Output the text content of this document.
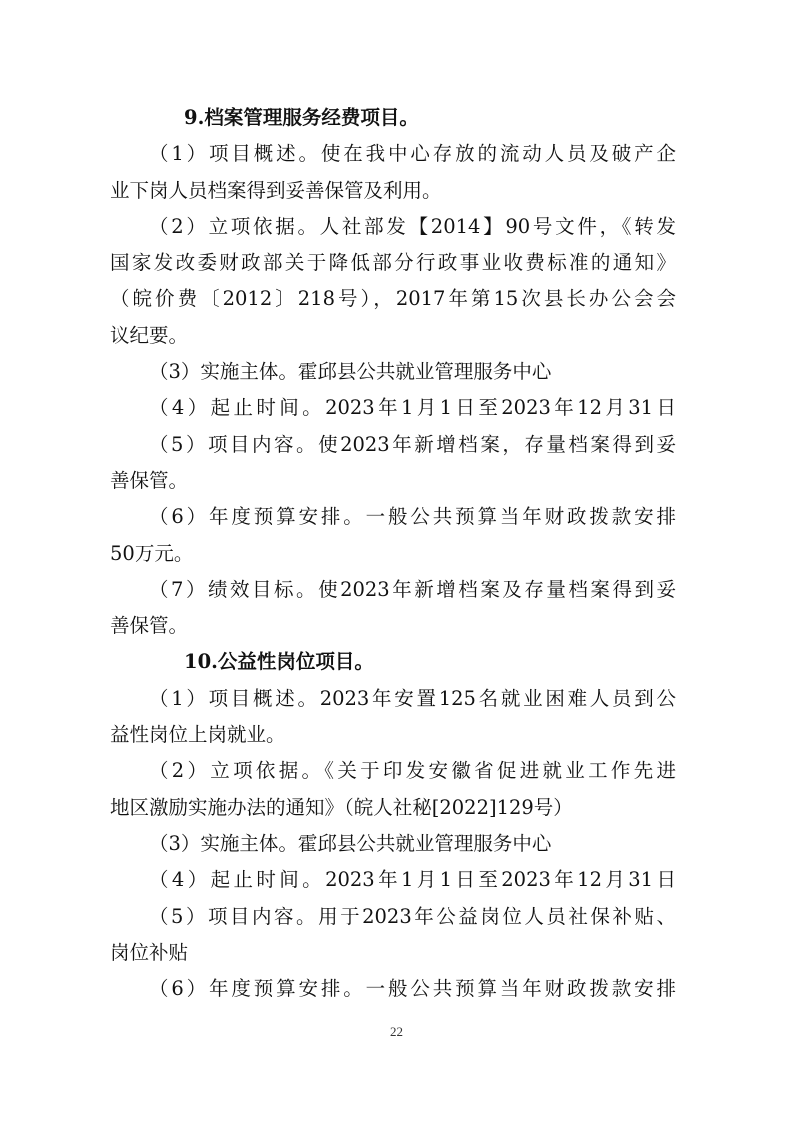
9.档案管理服务经费项目。
（1）项目概述。使在我中心存放的流动人员及破产企
业下岗人员档案得到妥善保管及利用。
（2）立项依据。人社部发【2014】90号文件，《转发
国家发改委财政部关于降低部分行政事业收费标准的通知》
（皖价费〔2012〕218号），2017年第15次县长办公会会
议纪要。
（3）实施主体。霍邱县公共就业管理服务中心
（4）起止时间。2023年1月1日至2023年12月31日
（5）项目内容。使2023年新增档案，存量档案得到妥
善保管。
（6）年度预算安排。一般公共预算当年财政拨款安排
50万元。
（7）绩效目标。使2023年新增档案及存量档案得到妥
善保管。
10.公益性岗位项目。
（1）项目概述。2023年安置125名就业困难人员到公
益性岗位上岗就业。
（2）立项依据。《关于印发安徽省促进就业工作先进
地区激励实施办法的通知》（皖人社秘[2022]129号）
（3）实施主体。霍邱县公共就业管理服务中心
（4）起止时间。2023年1月1日至2023年12月31日
（5）项目内容。用于2023年公益岗位人员社保补贴、
岗位补贴
（6）年度预算安排。一般公共预算当年财政拨款安排
22
